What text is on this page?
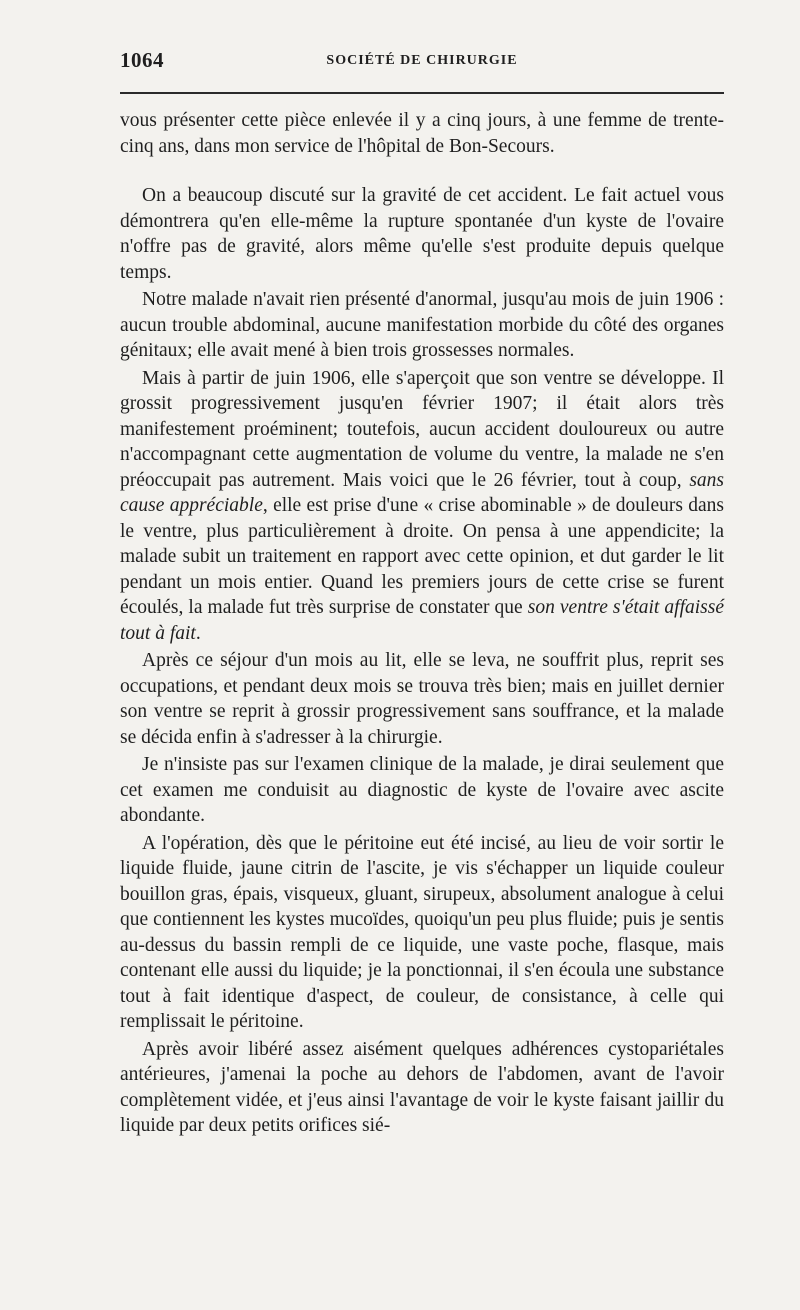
1064	SOCIÉTÉ DE CHIRURGIE

vous présenter cette pièce enlevée il y a cinq jours, à une femme de trente-cinq ans, dans mon service de l'hôpital de Bon-Secours.

On a beaucoup discuté sur la gravité de cet accident. Le fait actuel vous démontrera qu'en elle-même la rupture spontanée d'un kyste de l'ovaire n'offre pas de gravité, alors même qu'elle s'est produite depuis quelque temps.

Notre malade n'avait rien présenté d'anormal, jusqu'au mois de juin 1906 : aucun trouble abdominal, aucune manifestation morbide du côté des organes génitaux; elle avait mené à bien trois grossesses normales.

Mais à partir de juin 1906, elle s'aperçoit que son ventre se développe. Il grossit progressivement jusqu'en février 1907; il était alors très manifestement proéminent; toutefois, aucun accident douloureux ou autre n'accompagnant cette augmentation de volume du ventre, la malade ne s'en préoccupait pas autrement. Mais voici que le 26 février, tout à coup, sans cause appréciable, elle est prise d'une « crise abominable » de douleurs dans le ventre, plus particulièrement à droite. On pensa à une appendicite; la malade subit un traitement en rapport avec cette opinion, et dut garder le lit pendant un mois entier. Quand les premiers jours de cette crise se furent écoulés, la malade fut très surprise de constater que son ventre s'était affaissé tout à fait.

Après ce séjour d'un mois au lit, elle se leva, ne souffrit plus, reprit ses occupations, et pendant deux mois se trouva très bien; mais en juillet dernier son ventre se reprit à grossir progressivement sans souffrance, et la malade se décida enfin à s'adresser à la chirurgie.

Je n'insiste pas sur l'examen clinique de la malade, je dirai seulement que cet examen me conduisit au diagnostic de kyste de l'ovaire avec ascite abondante.

A l'opération, dès que le péritoine eut été incisé, au lieu de voir sortir le liquide fluide, jaune citrin de l'ascite, je vis s'échapper un liquide couleur bouillon gras, épais, visqueux, gluant, sirupeux, absolument analogue à celui que contiennent les kystes mucoïdes, quoiqu'un peu plus fluide; puis je sentis au-dessus du bassin rempli de ce liquide, une vaste poche, flasque, mais contenant elle aussi du liquide; je la ponctionnai, il s'en écoula une substance tout à fait identique d'aspect, de couleur, de consistance, à celle qui remplissait le péritoine.

Après avoir libéré assez aisément quelques adhérences cystopariétales antérieures, j'amenai la poche au dehors de l'abdomen, avant de l'avoir complètement vidée, et j'eus ainsi l'avantage de voir le kyste faisant jaillir du liquide par deux petits orifices sié-
